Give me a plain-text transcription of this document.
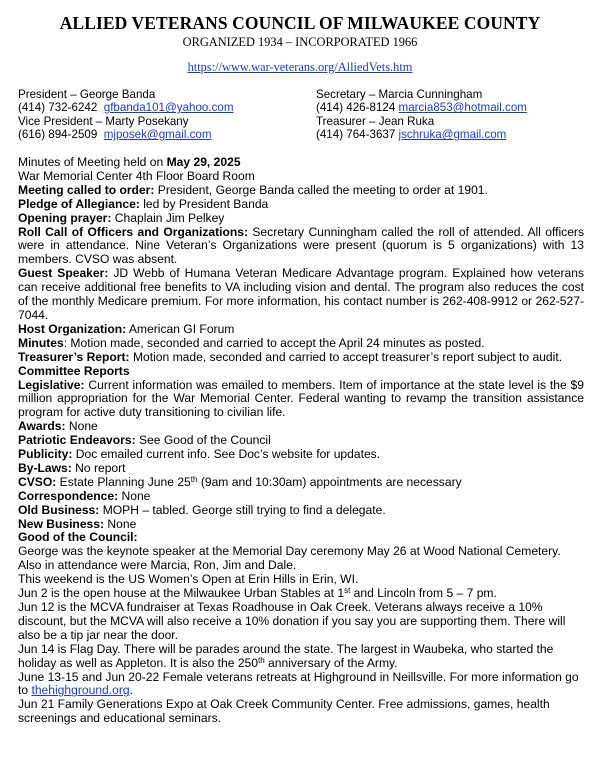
ALLIED VETERANS COUNCIL OF MILWAUKEE COUNTY
ORGANIZED 1934 – INCORPORATED 1966
https://www.war-veterans.org/AlliedVets.htm
President – George Banda
(414) 732-6242 gfbanda101@yahoo.com
Vice President – Marty Posekany
(616) 894-2509 mjposek@gmail.com
Secretary – Marcia Cunningham
(414) 426-8124 marcia853@hotmail.com
Treasurer – Jean Ruka
(414) 764-3637 jschruka@gmail.com

Minutes of Meeting held on May 29, 2025

War Memorial Center 4th Floor Board Room

Meeting called to order: President, George Banda called the meeting to order at 1901.

Pledge of Allegiance: led by President Banda

Opening prayer: Chaplain Jim Pelkey

Roll Call of Officers and Organizations: Secretary Cunningham called the roll of attended. All officers were in attendance. Nine Veteran’s Organizations were present (quorum is 5 organizations) with 13 members. CVSO was absent.

Guest Speaker: JD Webb of Humana Veteran Medicare Advantage program. Explained how veterans can receive additional free benefits to VA including vision and dental. The program also reduces the cost of the monthly Medicare premium. For more information, his contact number is 262-408-9912 or 262-527-7044.

Host Organization: American GI Forum

Minutes: Motion made, seconded and carried to accept the April 24 minutes as posted.

Treasurer’s Report: Motion made, seconded and carried to accept treasurer’s report subject to audit.

Committee Reports

Legislative: Current information was emailed to members. Item of importance at the state level is the $9 million appropriation for the War Memorial Center. Federal wanting to revamp the transition assistance program for active duty transitioning to civilian life.

Awards: None

Patriotic Endeavors: See Good of the Council

Publicity: Doc emailed current info. See Doc’s website for updates.

By-Laws: No report

CVSO: Estate Planning June 25th (9am and 10:30am) appointments are necessary

Correspondence: None

Old Business: MOPH – tabled. George still trying to find a delegate.

New Business: None

Good of the Council:

George was the keynote speaker at the Memorial Day ceremony May 26 at Wood National Cemetery. Also in attendance were Marcia, Ron, Jim and Dale.

This weekend is the US Women’s Open at Erin Hills in Erin, WI.

Jun 2 is the open house at the Milwaukee Urban Stables at 1st and Lincoln from 5 – 7 pm.

Jun 12 is the MCVA fundraiser at Texas Roadhouse in Oak Creek. Veterans always receive a 10% discount, but the MCVA will also receive a 10% donation if you say you are supporting them. There will also be a tip jar near the door.

Jun 14 is Flag Day. There will be parades around the state. The largest in Waubeka, who started the holiday as well as Appleton. It is also the 250th anniversary of the Army.

June 13-15 and Jun 20-22 Female veterans retreats at Highground in Neillsville. For more information go to thehighground.org.

Jun 21 Family Generations Expo at Oak Creek Community Center. Free admissions, games, health screenings and educational seminars.
